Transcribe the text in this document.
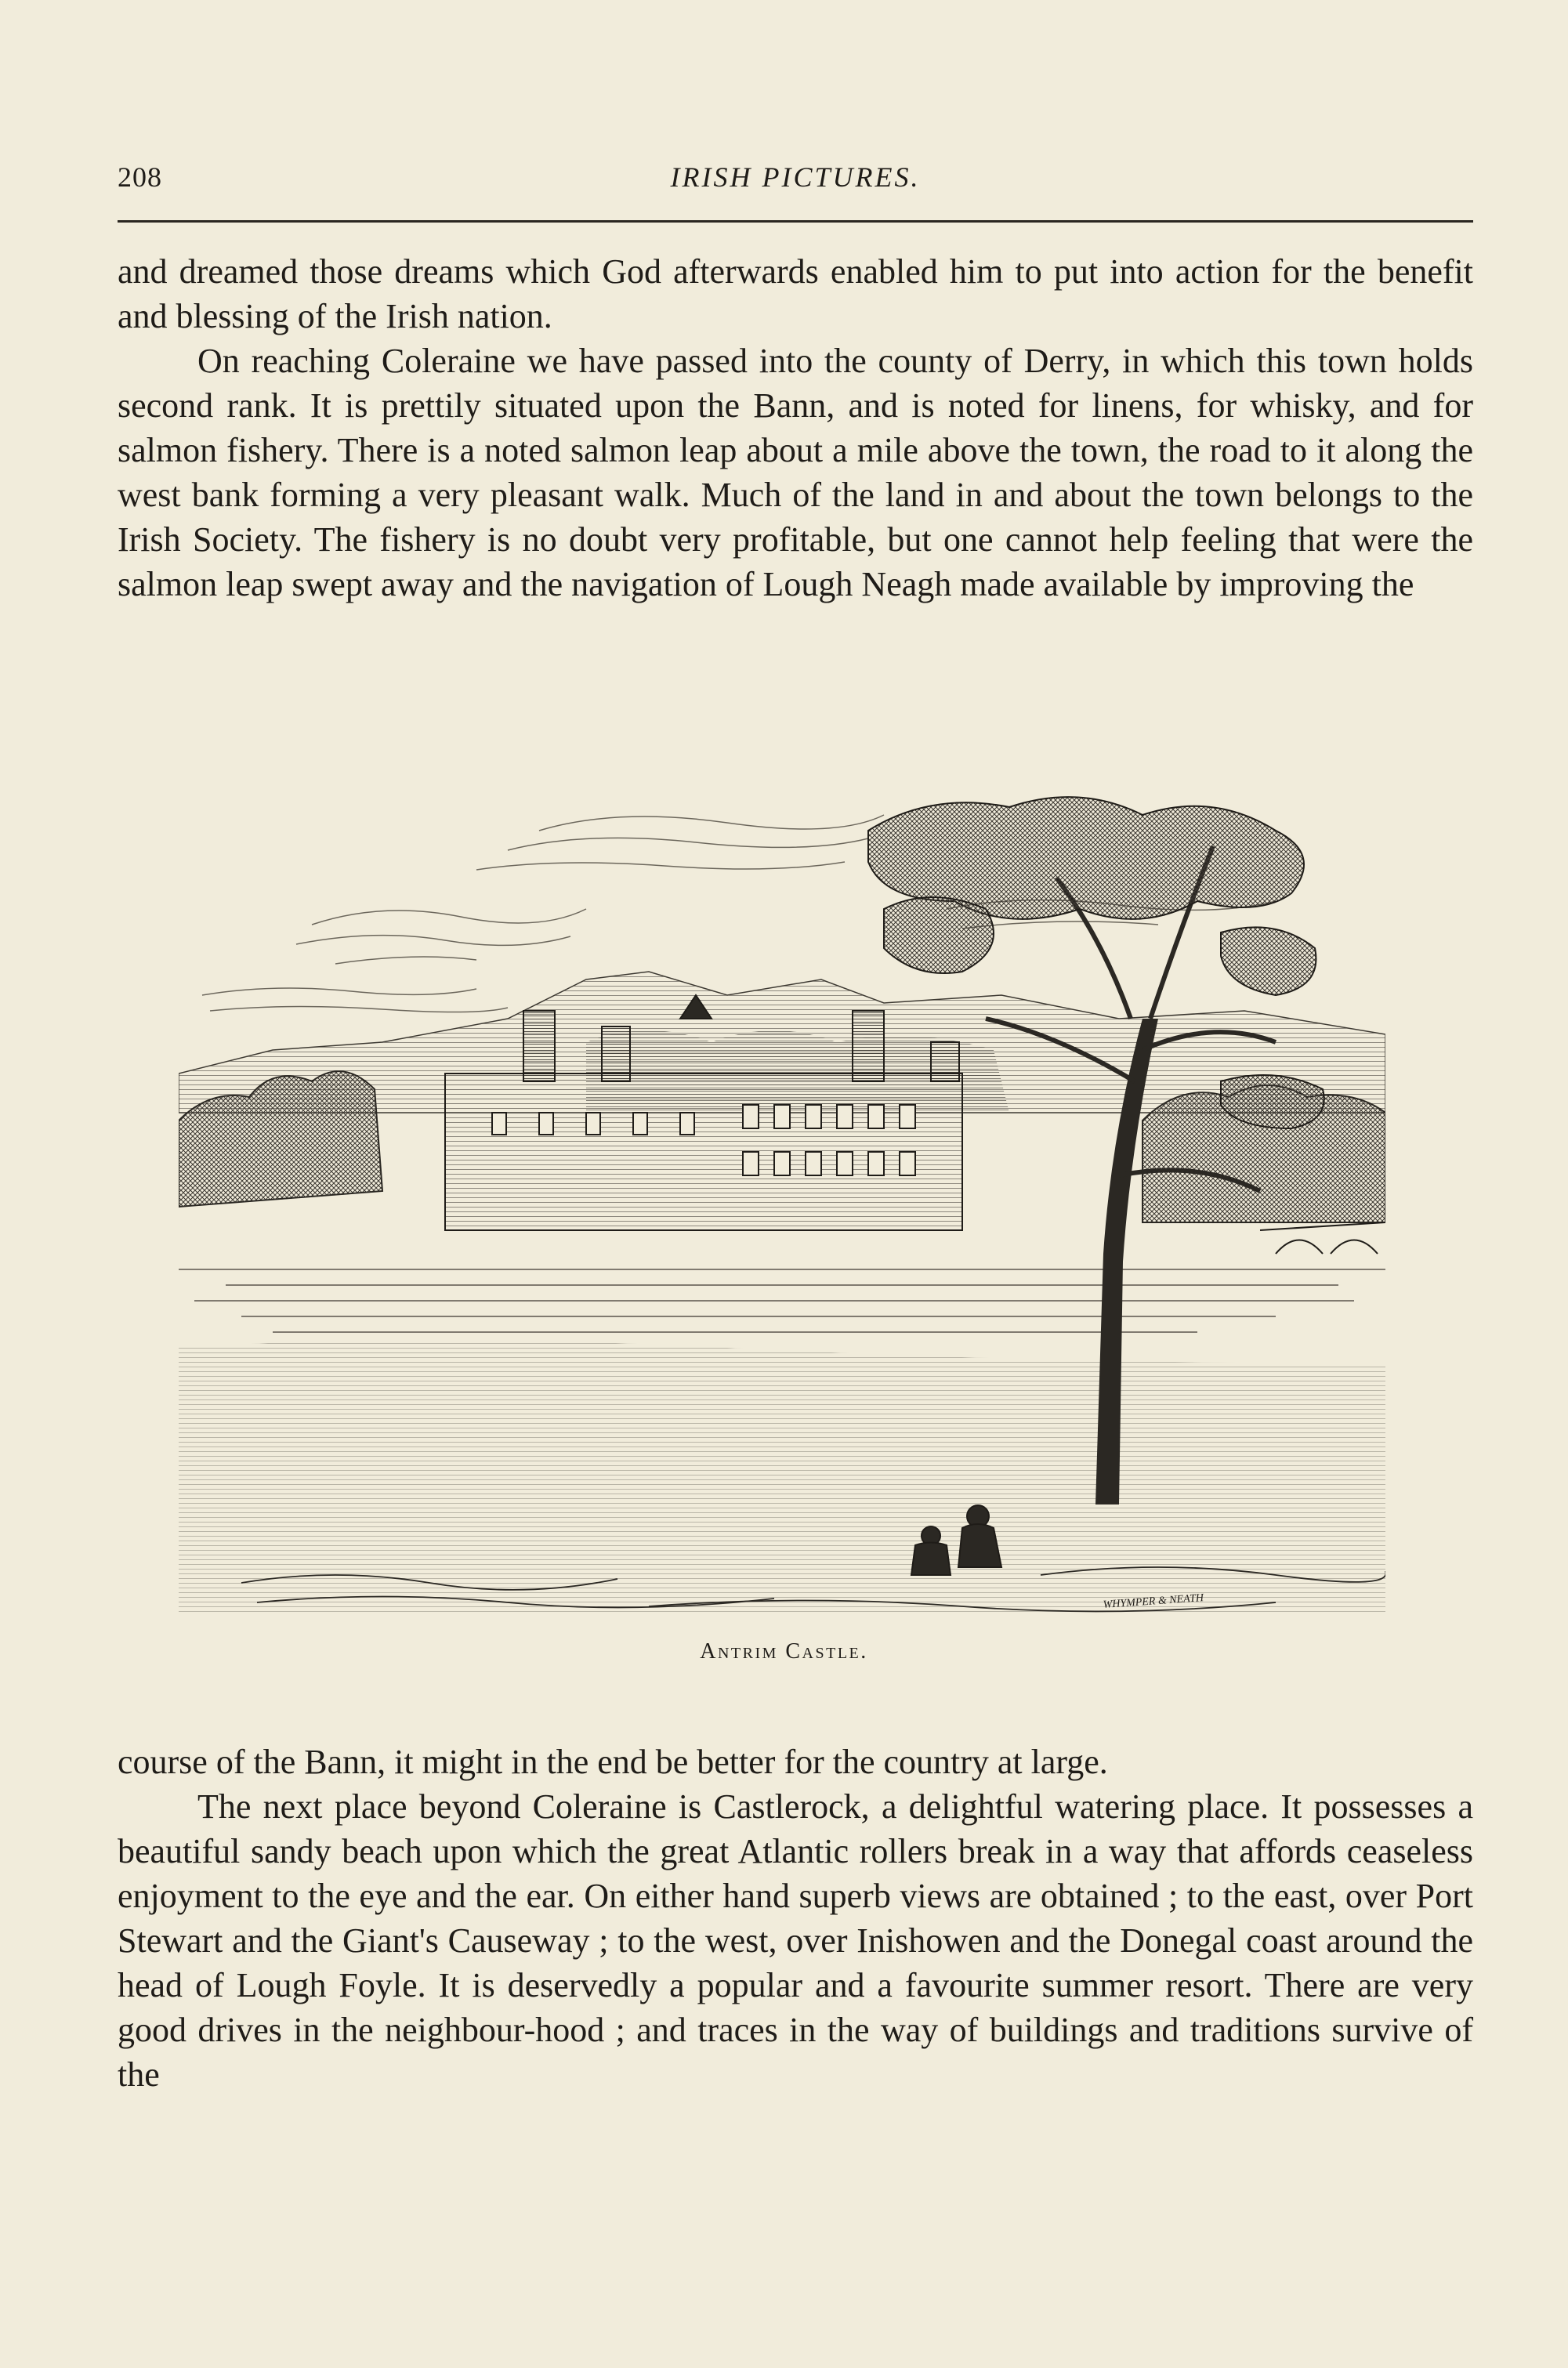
208	IRISH PICTURES.

and dreamed those dreams which God afterwards enabled him to put into action for the benefit and blessing of the Irish nation.

On reaching Coleraine we have passed into the county of Derry, in which this town holds second rank. It is prettily situated upon the Bann, and is noted for linens, for whisky, and for salmon fishery. There is a noted salmon leap about a mile above the town, the road to it along the west bank forming a very pleasant walk. Much of the land in and about the town belongs to the Irish Society. The fishery is no doubt very profitable, but one cannot help feeling that were the salmon leap swept away and the navigation of Lough Neagh made available by improving the

WHYMPER & NEATH
Antrim Castle.

course of the Bann, it might in the end be better for the country at large.

The next place beyond Coleraine is Castlerock, a delightful watering place. It possesses a beautiful sandy beach upon which the great Atlantic rollers break in a way that affords ceaseless enjoyment to the eye and the ear. On either hand superb views are obtained ; to the east, over Port Stewart and the Giant's Causeway ; to the west, over Inishowen and the Donegal coast around the head of Lough Foyle. It is deservedly a popular and a favourite summer resort. There are very good drives in the neighbour-hood ; and traces in the way of buildings and traditions survive of the
